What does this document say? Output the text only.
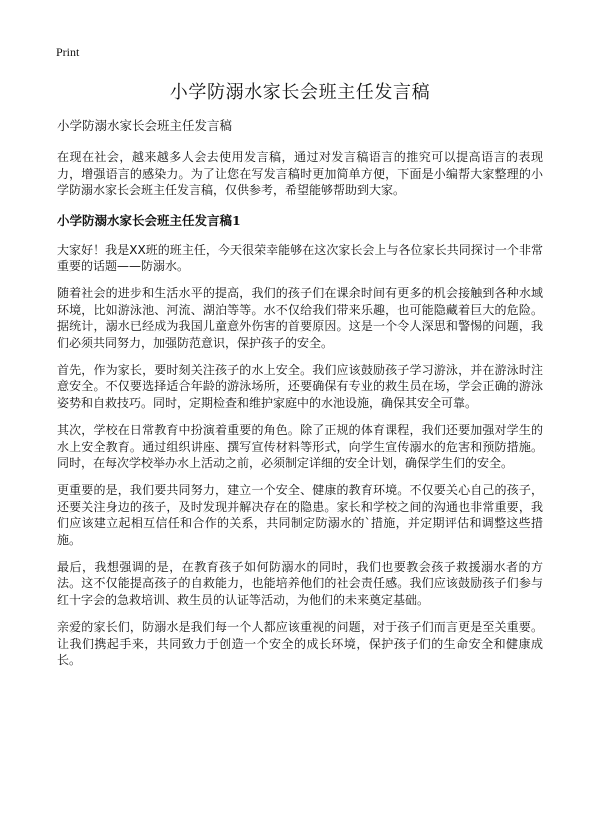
Print
小学防溺水家长会班主任发言稿

小学防溺水家长会班主任发言稿

在现在社会，越来越多人会去使用发言稿，通过对发言稿语言的推究可以提高语言的表现力，增强语言的感染力。为了让您在写发言稿时更加简单方便，下面是小编帮大家整理的小学防溺水家长会班主任发言稿，仅供参考，希望能够帮助到大家。

小学防溺水家长会班主任发言稿1

大家好！我是XX班的班主任，今天很荣幸能够在这次家长会上与各位家长共同探讨一个非常重要的话题——防溺水。

随着社会的进步和生活水平的提高，我们的孩子们在课余时间有更多的机会接触到各种水域环境，比如游泳池、河流、湖泊等等。水不仅给我们带来乐趣，也可能隐藏着巨大的危险。据统计，溺水已经成为我国儿童意外伤害的首要原因。这是一个令人深思和警惕的问题，我们必须共同努力，加强防范意识，保护孩子的安全。

首先，作为家长，要时刻关注孩子的水上安全。我们应该鼓励孩子学习游泳，并在游泳时注意安全。不仅要选择适合年龄的游泳场所，还要确保有专业的救生员在场，学会正确的游泳姿势和自救技巧。同时，定期检查和维护家庭中的水池设施，确保其安全可靠。

其次，学校在日常教育中扮演着重要的角色。除了正规的体育课程，我们还要加强对学生的水上安全教育。通过组织讲座、撰写宣传材料等形式，向学生宣传溺水的危害和预防措施。同时，在每次学校举办水上活动之前，必须制定详细的安全计划，确保学生们的安全。

更重要的是，我们要共同努力，建立一个安全、健康的教育环境。不仅要关心自己的孩子，还要关注身边的孩子，及时发现并解决存在的隐患。家长和学校之间的沟通也非常重要，我们应该建立起相互信任和合作的关系，共同制定防溺水的`措施，并定期评估和调整这些措施。

最后，我想强调的是，在教育孩子如何防溺水的同时，我们也要教会孩子救援溺水者的方法。这不仅能提高孩子的自救能力，也能培养他们的社会责任感。我们应该鼓励孩子们参与红十字会的急救培训、救生员的认证等活动，为他们的未来奠定基础。

亲爱的家长们，防溺水是我们每一个人都应该重视的问题，对于孩子们而言更是至关重要。让我们携起手来，共同致力于创造一个安全的成长环境，保护孩子们的生命安全和健康成长。
